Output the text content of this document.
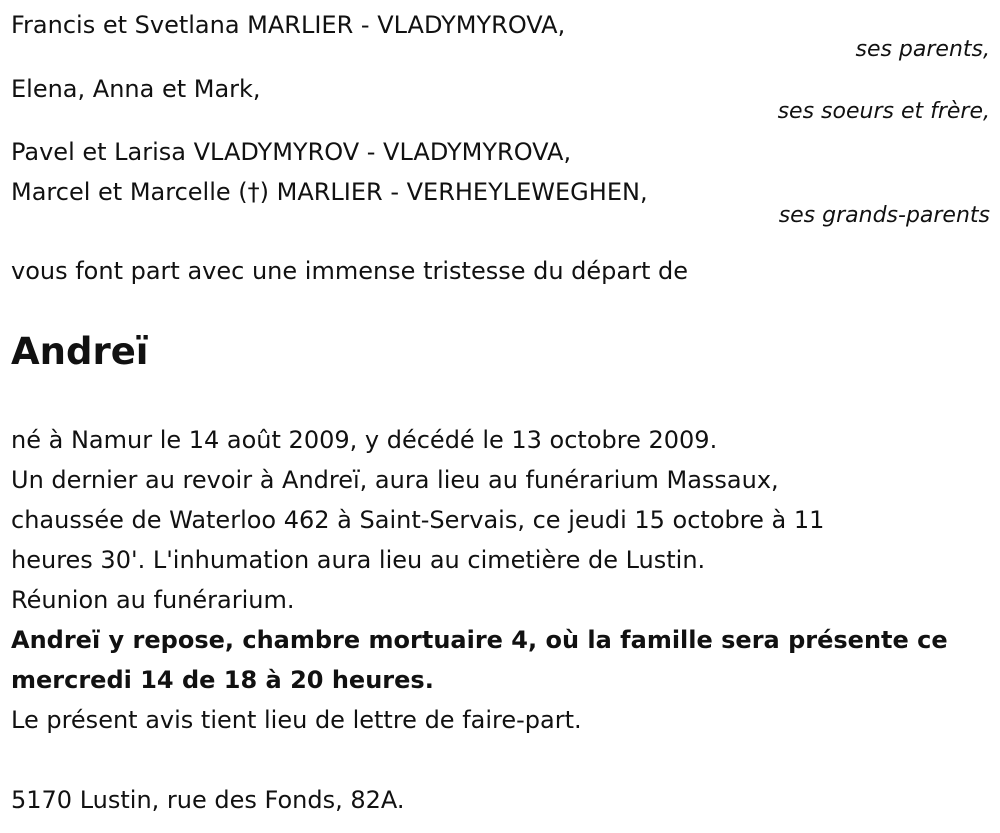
Francis et Svetlana MARLIER - VLADYMYROVA,
ses parents,
Elena, Anna et Mark,
ses soeurs et frère,
Pavel et Larisa VLADYMYROV - VLADYMYROVA,
Marcel et Marcelle (†) MARLIER - VERHEYLEWEGHEN,
ses grands-parents
vous font part avec une immense tristesse du départ de
Andreï
né à Namur le 14 août 2009, y décédé le 13 octobre 2009.
Un dernier au revoir à Andreï, aura lieu au funérarium Massaux,
chaussée de Waterloo 462 à Saint-Servais, ce jeudi 15 octobre à 11
heures 30'. L'inhumation aura lieu au cimetière de Lustin.
Réunion au funérarium.
Andreï y repose, chambre mortuaire 4, où la famille sera présente ce
mercredi 14 de 18 à 20 heures.
Le présent avis tient lieu de lettre de faire-part.
5170 Lustin, rue des Fonds, 82A.
